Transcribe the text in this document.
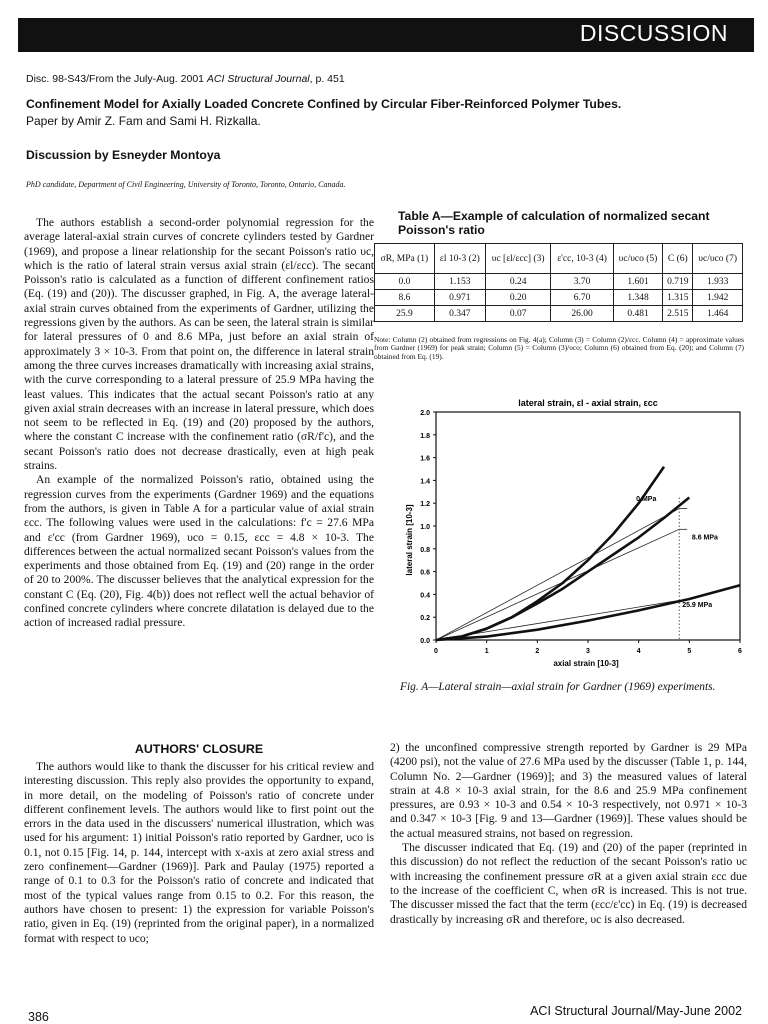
DISCUSSION
Disc. 98-S43/From the July-Aug. 2001 ACI Structural Journal, p. 451
Confinement Model for Axially Loaded Concrete Confined by Circular Fiber-Reinforced Polymer Tubes.
Paper by Amir Z. Fam and Sami H. Rizkalla.
Discussion by Esneyder Montoya
PhD candidate, Department of Civil Engineering, University of Toronto, Toronto, Ontario, Canada.

The authors establish a second-order polynomial regression for the average lateral-axial strain curves of concrete cylinders tested by Gardner (1969), and propose a linear relationship for the secant Poisson's ratio υc, which is the ratio of lateral strain versus axial strain (εl/εcc). The secant Poisson's ratio is calculated as a function of different confinement ratios (Eq. (19) and (20)). The discusser graphed, in Fig. A, the average lateral-axial strain curves obtained from the experiments of Gardner, utilizing the regressions given by the authors. As can be seen, the lateral strain is similar for lateral pressures of 0 and 8.6 MPa, just before an axial strain of approximately 3 × 10-3. From that point on, the difference in lateral strain among the three curves increases dramatically with increasing axial strains, with the curve corresponding to a lateral pressure of 25.9 MPa having the least values. This indicates that the actual secant Poisson's ratio at any given axial strain decreases with an increase in lateral pressure, which does not seem to be reflected in Eq. (19) and (20) proposed by the authors, where the constant C increase with the confinement ratio (σR/f'c), and the secant Poisson's ratio does not decrease drastically, even at high peak strains.

An example of the normalized Poisson's ratio, obtained using the regression curves from the experiments (Gardner 1969) and the equations from the authors, is given in Table A for a particular value of axial strain εcc. The following values were used in the calculations: f'c = 27.6 MPa and ε'cc (from Gardner 1969), υco = 0.15, εcc = 4.8 × 10-3. The differences between the actual normalized secant Poisson's values from the experiments and those obtained from Eq. (19) and (20) range in the order of 20 to 200%. The discusser believes that the analytical expression for the constant C (Eq. (20), Fig. 4(b)) does not reflect well the actual behavior of confined concrete cylinders where concrete dilatation is delayed due to the action of increased radial pressure.

AUTHORS' CLOSURE

The authors would like to thank the discusser for his critical review and interesting discussion. This reply also provides the opportunity to expand, in more detail, on the modeling of Poisson's ratio of concrete under different confinement levels. The authors would like to first point out the errors in the data used in the discussers' numerical illustration, which was used for his argument: 1) initial Poisson's ratio reported by Gardner, υco is 0.1, not 0.15 [Fig. 14, p. 144, intercept with x-axis at zero axial stress and zero confinement—Gardner (1969)]. Park and Paulay (1975) reported a range of 0.1 to 0.3 for the Poisson's ratio of concrete and indicated that most of the typical values range from 0.15 to 0.2. For this reason, the authors have chosen to present: 1) the expression for variable Poisson's ratio, given in Eq. (19) (reprinted from the original paper), in a normalized format with respect to υco;

Table A—Example of calculation of normalized secant Poisson's ratio
σR, MPa (1)	εl 10-3 (2)	υc [εl/εcc] (3)	ε'cc, 10-3 (4)	υc/υco (5)	C (6)	υc/υco (7)
0.0	1.153	0.24	3.70	1.601	0.719	1.933
8.6	0.971	0.20	6.70	1.348	1.315	1.942
25.9	0.347	0.07	26.00	0.481	2.515	1.464
Note: Column (2) obtained from regressions on Fig. 4(a); Column (3) = Column (2)/εcc. Column (4) = approximate values from Gardner (1969) for peak strain; Column (5) = Column (3)/υco; Column (6) obtained from Eq. (20); and Column (7) obtained from Eq. (19).
lateral strain, εl - axial strain, εcc
0.0
0.2
0.4
0.6
0.8
1.0
1.2
1.4
1.6
1.8
2.0
0	1	2	3	4	5	6
0 MPa
8.6 MPa
25.9 MPa
axial strain [10-3]
lateral strain [10-3]
Fig. A—Lateral strain—axial strain for Gardner (1969) experiments.

2) the unconfined compressive strength reported by Gardner is 29 MPa (4200 psi), not the value of 27.6 MPa used by the discusser (Table 1, p. 144, Column No. 2—Gardner (1969)]; and 3) the measured values of lateral strain at 4.8 × 10-3 axial strain, for the 8.6 and 25.9 MPa confinement pressures, are 0.93 × 10-3 and 0.54 × 10-3 respectively, not 0.971 × 10-3 and 0.347 × 10-3 [Fig. 9 and 13—Gardner (1969)]. These values should be the actual measured strains, not based on regression.

The discusser indicated that Eq. (19) and (20) of the paper (reprinted in this discussion) do not reflect the reduction of the secant Poisson's ratio υc with increasing the confinement pressure σR at a given axial strain εcc due to the increase of the coefficient C, when σR is increased. This is not true. The discusser missed the fact that the term (εcc/ε'cc) in Eq. (19) is decreased drastically by increasing σR and therefore, υc is also decreased.

386	ACI Structural Journal/May-June 2002
